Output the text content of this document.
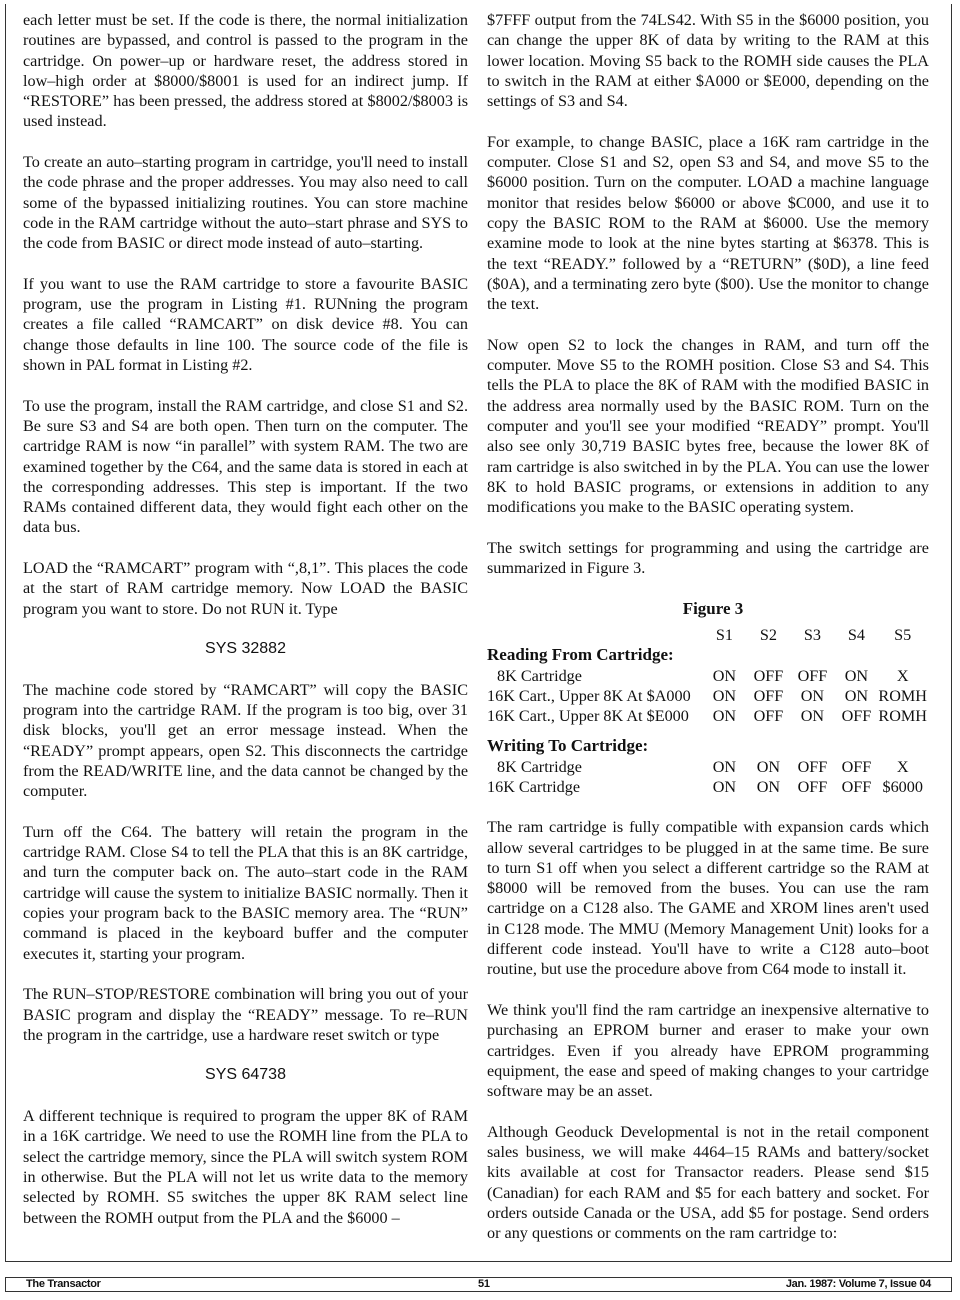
each letter must be set. If the code is there, the normal initialization routines are bypassed, and control is passed to the program in the cartridge. On power–up or hardware reset, the address stored in low–high order at $8000/$8001 is used for an indirect jump. If “RESTORE” has been pressed, the address stored at $8002/$8003 is used instead.

To create an auto–starting program in cartridge, you'll need to install the code phrase and the proper addresses. You may also need to call some of the bypassed initializing routines. You can store machine code in the RAM cartridge without the auto–start phrase and SYS to the code from BASIC or direct mode instead of auto–starting.

If you want to use the RAM cartridge to store a favourite BASIC program, use the program in Listing #1. RUNning the program creates a file called “RAMCART” on disk device #8. You can change those defaults in line 100. The source code of the file is shown in PAL format in Listing #2.

To use the program, install the RAM cartridge, and close S1 and S2. Be sure S3 and S4 are both open. Then turn on the computer. The cartridge RAM is now “in parallel” with system RAM. The two are examined together by the C64, and the same data is stored in each at the corresponding addresses. This step is important. If the two RAMs contained different data, they would fight each other on the data bus.

LOAD the “RAMCART” program with “,8,1”. This places the code at the start of RAM cartridge memory. Now LOAD the BASIC program you want to store. Do not RUN it. Type

SYS 32882

The machine code stored by “RAMCART” will copy the BASIC program into the cartridge RAM. If the program is too big, over 31 disk blocks, you'll get an error message instead. When the “READY” prompt appears, open S2. This disconnects the cartridge from the READ/WRITE line, and the data cannot be changed by the computer.

Turn off the C64. The battery will retain the program in the cartridge RAM. Close S4 to tell the PLA that this is an 8K cartridge, and turn the computer back on. The auto–start code in the RAM cartridge will cause the system to initialize BASIC normally. Then it copies your program back to the BASIC memory area. The “RUN” command is placed in the keyboard buffer and the computer executes it, starting your program.

The RUN–STOP/RESTORE combination will bring you out of your BASIC program and display the “READY” message. To re–RUN the program in the cartridge, use a hardware reset switch or type

SYS 64738

A different technique is required to program the upper 8K of RAM in a 16K cartridge. We need to use the ROMH line from the PLA to select the cartridge memory, since the PLA will switch system ROM in otherwise. But the PLA will not let us write data to the memory selected by ROMH. S5 switches the upper 8K RAM select line between the ROMH output from the PLA and the $6000 –

$7FFF output from the 74LS42. With S5 in the $6000 position, you can change the upper 8K of data by writing to the RAM at this lower location. Moving S5 back to the ROMH side causes the PLA to switch in the RAM at either $A000 or $E000, depending on the settings of S3 and S4.

For example, to change BASIC, place a 16K ram cartridge in the computer. Close S1 and S2, open S3 and S4, and move S5 to the $6000 position. Turn on the computer. LOAD a machine language monitor that resides below $6000 or above $C000, and use it to copy the BASIC ROM to the RAM at $6000. Use the memory examine mode to look at the nine bytes starting at $6378. This is the text “READY.” followed by a “RETURN” ($0D), a line feed ($0A), and a terminating zero byte ($00). Use the monitor to change the text.

Now open S2 to lock the changes in RAM, and turn off the computer. Move S5 to the ROMH position. Close S3 and S4. This tells the PLA to place the 8K of RAM with the modified BASIC in the address area normally used by the BASIC ROM. Turn on the computer and you'll see your modified “READY” prompt. You'll also see only 30,719 BASIC bytes free, because the lower 8K of ram cartridge is also switched in by the PLA. You can use the lower 8K to hold BASIC programs, or extensions in addition to any modifications you make to the BASIC operating system.

The switch settings for programming and using the cartridge are summarized in Figure 3.

Figure 3
	S1	S2	S3	S4	S5
Reading From Cartridge:					
8K Cartridge	ON	OFF	OFF	ON	X
16K Cart., Upper 8K At $A000	ON	OFF	ON	ON	ROMH
16K Cart., Upper 8K At $E000	ON	OFF	ON	OFF	ROMH

Writing To Cartridge:					
8K Cartridge	ON	ON	OFF	OFF	X
16K Cartridge	ON	ON	OFF	OFF	$6000

The ram cartridge is fully compatible with expansion cards which allow several cartridges to be plugged in at the same time. Be sure to turn S1 off when you select a different cartridge so the RAM at $8000 will be removed from the buses. You can use the ram cartridge on a C128 also. The GAME and XROM lines aren't used in C128 mode. The MMU (Memory Management Unit) looks for a different code instead. You'll have to write a C128 auto–boot routine, but use the procedure above from C64 mode to install it.

We think you'll find the ram cartridge an inexpensive alternative to purchasing an EPROM burner and eraser to make your own cartridges. Even if you already have EPROM programming equipment, the ease and speed of making changes to your cartridge software may be an asset.

Although Geoduck Developmental is not in the retail component sales business, we will make 4464–15 RAMs and battery/socket kits available at cost for Transactor readers. Please send $15 (Canadian) for each RAM and $5 for each battery and socket. For orders outside Canada or the USA, add $5 for postage. Send orders or any questions or comments on the ram cartridge to:

The Transactor	51	Jan. 1987: Volume 7, Issue 04
